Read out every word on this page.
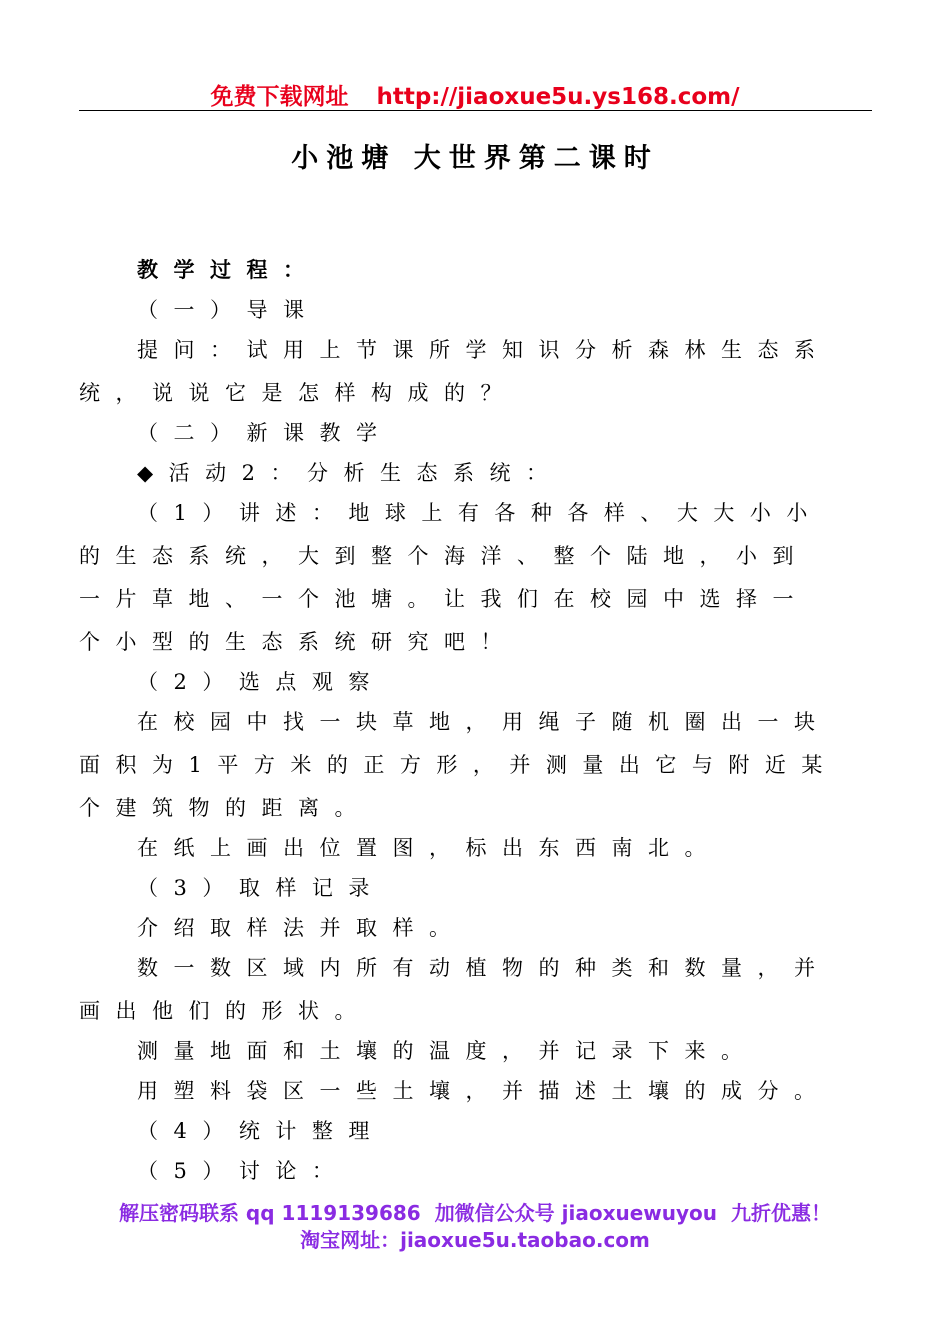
免费下载网址 http://jiaoxue5u.ys168.com/
小池塘 大世界第二课时
教学过程：
（一）导课
提问：试用上节课所学知识分析森林生态系
统，说说它是怎样构成的？
（二）新课教学
◆活动2：分析生态系统：
（1）讲述：地球上有各种各样、大大小小
的生态系统，大到整个海洋、整个陆地，小到
一片草地、一个池塘。让我们在校园中选择一
个小型的生态系统研究吧！
（2）选点观察
在校园中找一块草地，用绳子随机圈出一块
面积为1平方米的正方形，并测量出它与附近某
个建筑物的距离。
在纸上画出位置图，标出东西南北。
（3）取样记录
介绍取样法并取样。
数一数区域内所有动植物的种类和数量，并
画出他们的形状。
测量地面和土壤的温度，并记录下来。
用塑料袋区一些土壤，并描述土壤的成分。
（4）统计整理
（5）讨论：
解压密码联系 qq 1119139686 加微信公众号 jiaoxuewuyou 九折优惠！
淘宝网址：jiaoxue5u.taobao.com
